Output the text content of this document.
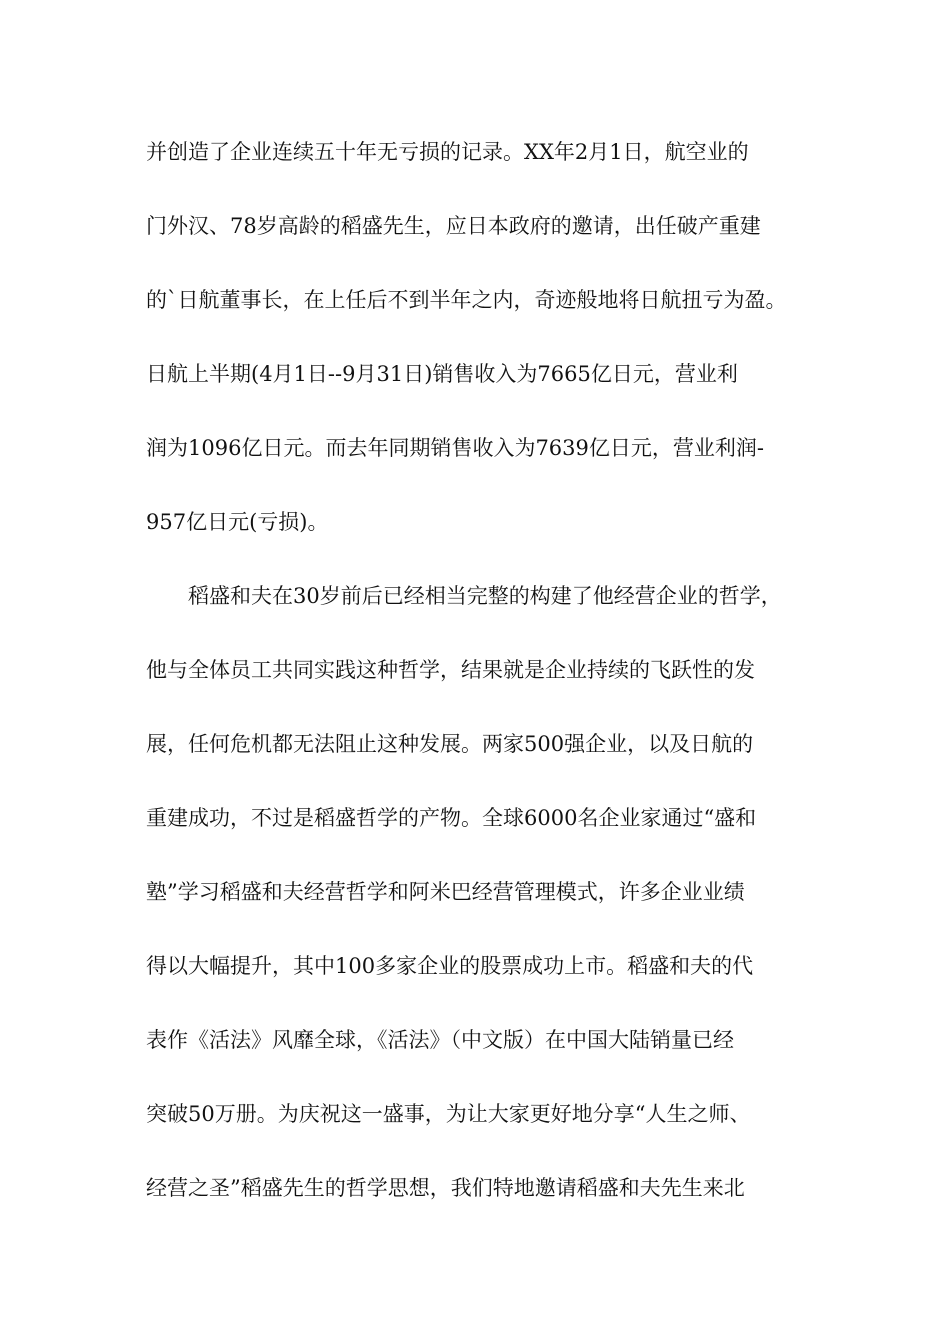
并创造了企业连续五十年无亏损的记录。XX年2月1日，航空业的
门外汉、78岁高龄的稻盛先生，应日本政府的邀请，出任破产重建
的`日航董事长，在上任后不到半年之内，奇迹般地将日航扭亏为盈。
日航上半期(4月1日--9月31日)销售收入为7665亿日元，营业利
润为1096亿日元。而去年同期销售收入为7639亿日元，营业利润-
957亿日元(亏损)。
稻盛和夫在30岁前后已经相当完整的构建了他经营企业的哲学，
他与全体员工共同实践这种哲学，结果就是企业持续的飞跃性的发
展，任何危机都无法阻止这种发展。两家500强企业，以及日航的
重建成功，不过是稻盛哲学的产物。全球6000名企业家通过“盛和
塾”学习稻盛和夫经营哲学和阿米巴经营管理模式，许多企业业绩
得以大幅提升，其中100多家企业的股票成功上市。稻盛和夫的代
表作《活法》风靡全球，《活法》（中文版）在中国大陆销量已经
突破50万册。为庆祝这一盛事，为让大家更好地分享“人生之师、
经营之圣”稻盛先生的哲学思想，我们特地邀请稻盛和夫先生来北
